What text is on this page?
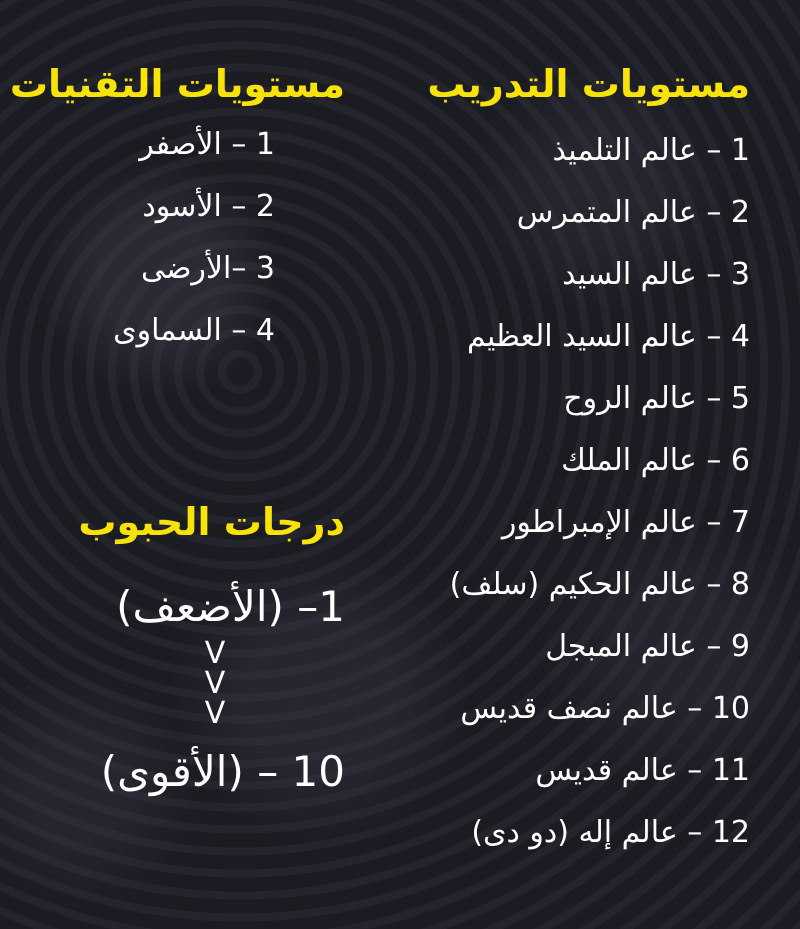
مستويات التدريب
1 – عالم التلميذ
2 – عالم المتمرس
3 – عالم السيد
4 – عالم السيد العظيم
5 – عالم الروح
6 – عالم الملك
7 – عالم الإمبراطور
8 – عالم الحكيم (سلف)
9 – عالم المبجل
10 – عالم نصف قديس
11 – عالم قديس
12 – عالم إله (دو دى)
مستويات التقنيات
1 – الأصفر
2 – الأسود
3 –الأرضى
4 – السماوى
درجات الحبوب
1– (الأضعف)
V
V
V
10 – (الأقوى)
